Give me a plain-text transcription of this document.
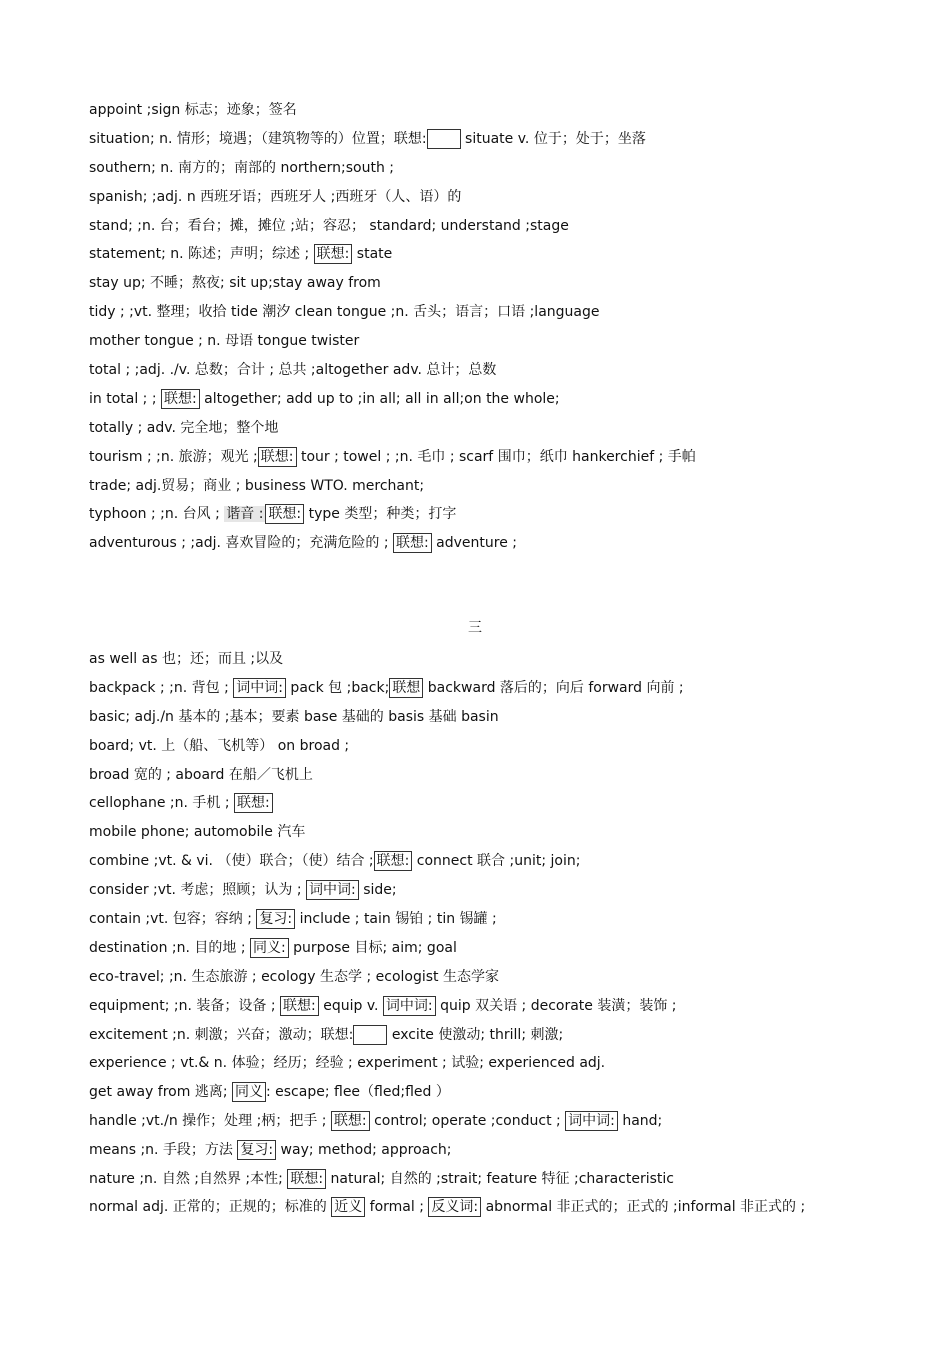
appoint ;sign 标志；迹象；签名
situation; n. 情形；境遇；（建筑物等的）位置；联想: situate v. 位于；处于；坐落
southern; n. 南方的；南部的 northern;south ;
spanish; ;adj. n 西班牙语；西班牙人 ;西班牙（人、语）的
stand; ;n. 台；看台；摊，摊位 ;站；容忍； standard; understand ;stage
statement; n. 陈述；声明；综述 ; 联想: state
stay up; 不睡；熬夜; sit up;stay away from
tidy ; ;vt. 整理；收拾 tide 潮汐 clean tongue ;n. 舌头；语言；口语 ;language
mother tongue ; n. 母语 tongue twister
total ; ;adj. ./v. 总数；合计 ; 总共 ;altogether adv. 总计；总数
in total ; ; 联想: altogether; add up to ;in all; all in all;on the whole;
totally ; adv. 完全地；整个地
tourism ; ;n. 旅游；观光 ; 联想: tour ; towel ; ;n. 毛巾 ; scarf 围巾；纸巾 hankerchief ; 手帕
trade; adj.贸易；商业 ; business WTO. merchant;
typhoon ; ;n. 台风 ; 谐音 : 联想: type 类型；种类；打字
adventurous ; ;adj. 喜欢冒险的；充满危险的 ; 联想: adventure ;
三
as well as 也；还；而且 ;以及
backpack ; ;n. 背包 ; 词中词: pack 包 ;back; 联想 backward 落后的；向后 forward 向前 ;
basic; adj./n 基本的 ;基本；要素 base 基础的 basis 基础 basin
board; vt. 上（船、飞机等） on broad ;
broad 宽的 ; aboard 在船／飞机上
cellophane ;n. 手机 ; 联想:
mobile phone; automobile 汽车
combine ;vt. & vi. （使）联合；（使）结合 ; 联想: connect 联合 ;unit; join;
consider ;vt. 考虑；照顾；认为 ; 词中词: side;
contain ;vt. 包容；容纳 ; 复习: include ; tain 锡铂 ; tin 锡罐 ;
destination ;n. 目的地 ; 同义: purpose 目标; aim; goal
eco-travel; ;n. 生态旅游 ; ecology 生态学 ; ecologist 生态学家
equipment; ;n. 装备；设备 ; 联想: equip v. 词中词: quip 双关语 ; decorate 装潢；装饰 ;
excitement ;n. 刺激；兴奋；激动；联想: excite 使激动; thrill; 刺激;
experience ; vt.& n. 体验；经历；经验 ; experiment ; 试验; experienced adj.
get away from 逃离; 同义 : escape; flee（fled;fled ）
handle ;vt./n 操作；处理 ;柄；把手 ; 联想: control; operate ;conduct ; 词中词: hand;
means ;n. 手段；方法 复习: way; method; approach;
nature ;n. 自然 ;自然界 ;本性; 联想: natural; 自然的 ;strait; feature 特征 ;characteristic
normal adj. 正常的；正规的；标准的 近义 formal ; 反义词: abnormal 非正式的；正式的 ;informal 非正式的 ;
